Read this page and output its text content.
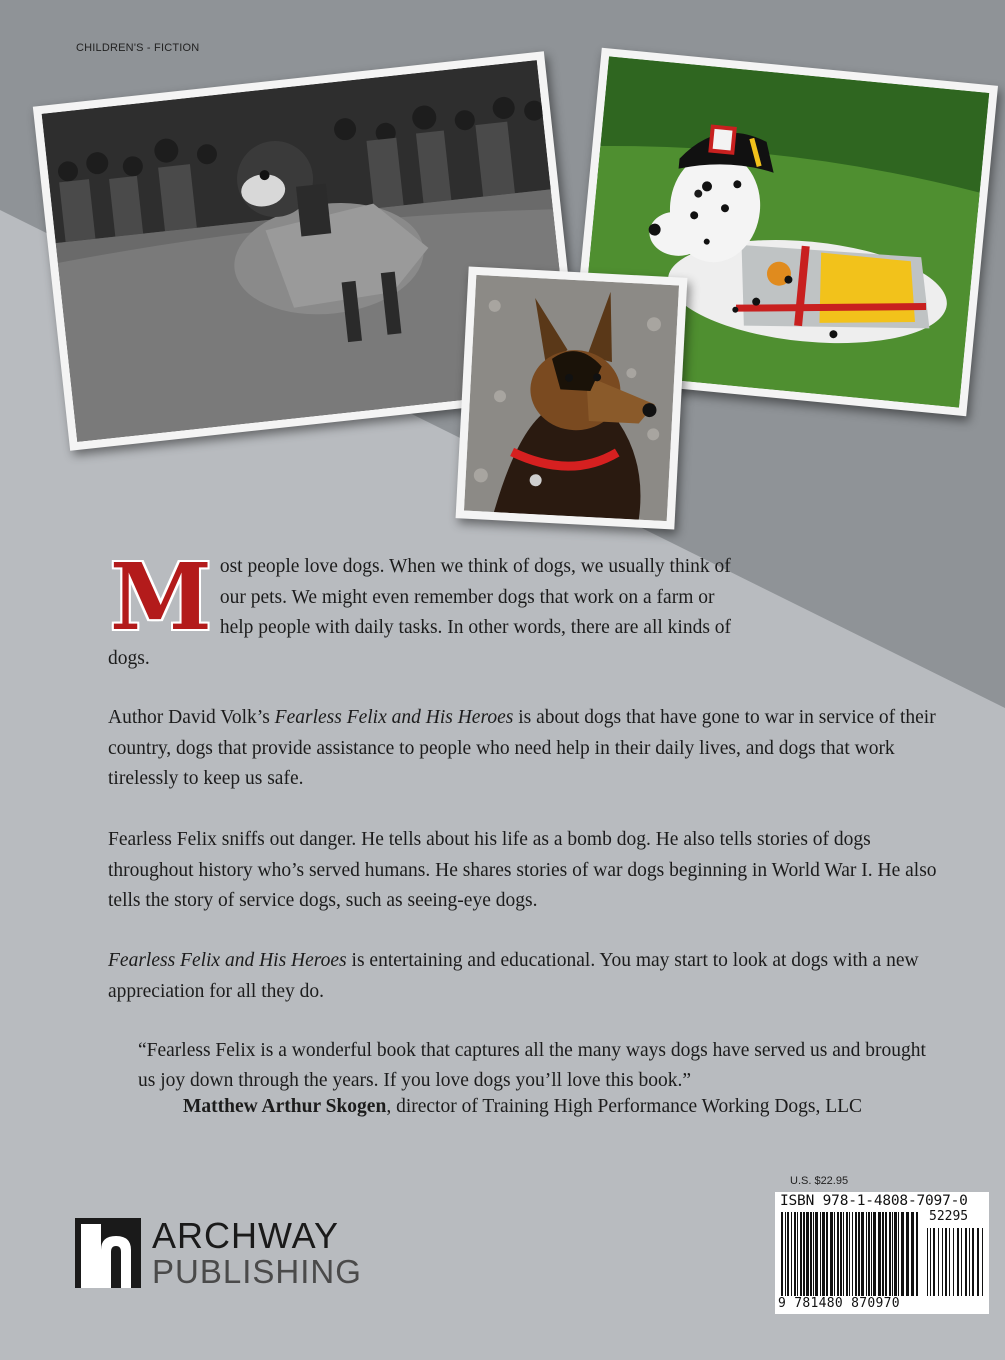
CHILDREN'S - FICTION

Most people love dogs. When we think of dogs, we usually think of our pets. We might even remember dogs that work on a farm or help people with daily tasks. In other words, there are all kinds of dogs.

Author David Volk’s Fearless Felix and His Heroes is about dogs that have gone to war in service of their country, dogs that provide assistance to people who need help in their daily lives, and dogs that work tirelessly to keep us safe.

Fearless Felix sniffs out danger. He tells about his life as a bomb dog. He also tells stories of dogs throughout history who’s served humans. He shares stories of war dogs beginning in World War I. He also tells the story of service dogs, such as seeing-eye dogs.

Fearless Felix and His Heroes is entertaining and educational. You may start to look at dogs with a new appreciation for all they do.

“Fearless Felix is a wonderful book that captures all the many ways dogs have served us and brought us joy down through the years. If you love dogs you’ll love this book.”

Matthew Arthur Skogen, director of Training High Performance Working Dogs, LLC
ARCHWAY
PUBLISHING
U.S. $22.95
ISBN 978-1-4808-7097-0
52295
9 781480 870970
